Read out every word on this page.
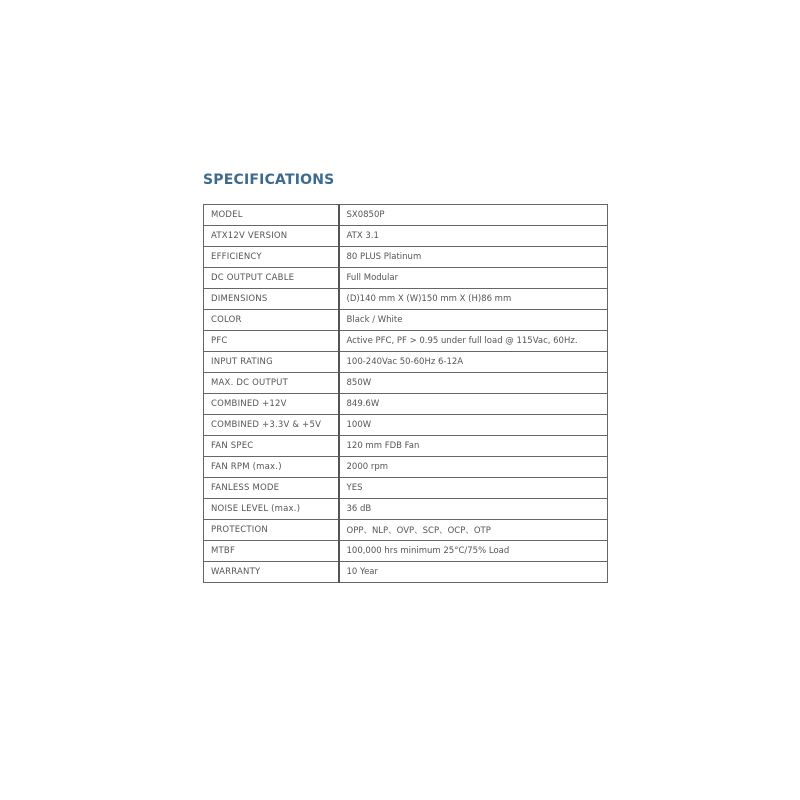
SPECIFICATIONS
MODEL	SX0850P
ATX12V VERSION	ATX 3.1
EFFICIENCY	80 PLUS Platinum
DC OUTPUT CABLE	Full Modular
DIMENSIONS	(D)140 mm X (W)150 mm X (H)86 mm
COLOR	Black / White
PFC	Active PFC, PF > 0.95 under full load @ 115Vac, 60Hz.
INPUT RATING	100-240Vac 50-60Hz 6-12A
MAX. DC OUTPUT	850W
COMBINED +12V	849.6W
COMBINED +3.3V & +5V	100W
FAN SPEC	120 mm FDB Fan
FAN RPM (max.)	2000 rpm
FANLESS MODE	YES
NOISE LEVEL (max.)	36 dB
PROTECTION	OPP、NLP、OVP、SCP、OCP、OTP
MTBF	100,000 hrs minimum 25°C/75% Load
WARRANTY	10 Year
